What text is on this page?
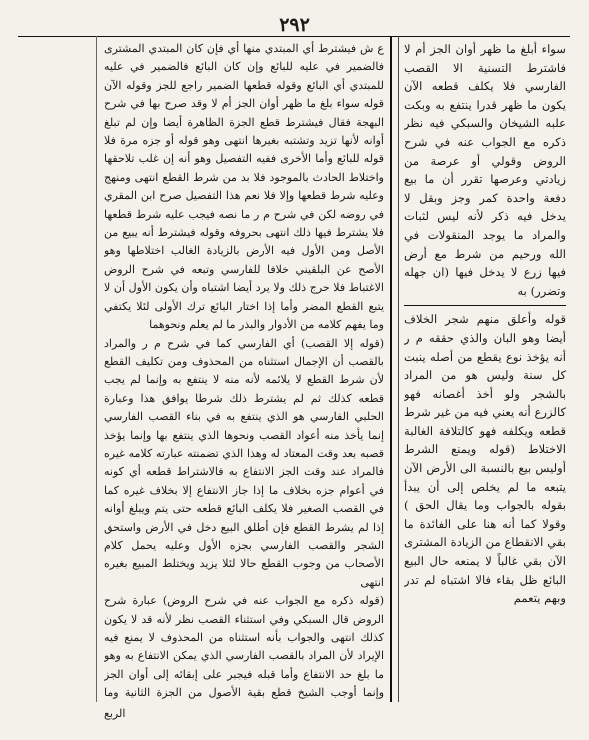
٢٩٢

سواء أبلغ ما ظهر أوان الجز أم لا فاشترط التسنية الا القصب الفارسي فلا يكلف قطعه الآن يكون ما ظهر قدرا ينتفع به وبكت علبه الشيخان والسبكي فيه نظر ذكره مع الجواب عنه في شرح الروض وقولي أو عرصة من زيادتي وعرصها تقرر أن ما بيع دفعة واحدة كمر وجز وبقل لا يدخل فيه ذكر لأنه ليس لثبات والمراد ما يوجد المنقولات في الله ورحيم من شرط مع أرض فيها زرع لا يدخل فيها (ان جهله وتضرر) به

قوله وأعلق منهم شجر الخلاف أيضا وهو البان والذي حققه م ر أنه يؤخذ نوع يقطع من أصله ينبت كل سنة وليس هو من المراد بالشجر ولو أخذ أغصانه فهو كالزرع أنه يعني فيه من غير شرط قطعه ويكلفه فهو كالتلافة الغالبة الاختلاط (قوله ويمنع الشرط أوليس بيع بالنسبة الى الأرض الآن يتبعه ما لم يخلص إلى أن يبدأ بقوله بالجواب وما يقال الحق ) وقولا كما أنه هنا على الفائدة ما بقي الانقطاع من الزيادة المشترى الآن بقي غالباً لا يمنعه حال البيع البائع ظل بقاء فالا اشتباه لم تدر وبهم يتعمم

ع ش فيشترط أي المبتدي منها أي فإن كان المبتدي المشترى فالضمير في عليه للبائع وإن كان البائع فالضمير في عليه للمبتدي أي البائع وقوله قطعها الضمير راجع للجز وقوله الآن قوله سواء بلغ ما ظهر أوان الجز أم لا وقد صرح بها في شرح البهجة فقال فيشترط قطع الجزة الظاهرة أيضا وإن لم تبلغ أوانه لأنها تزيد وتشتبه بغيرها انتهى وهو قوله أو جزه مرة فلا قوله للبائع وأما الأخرى ففيه التفصيل وهو أنه إن غلب تلاحقها واختلاط الحادث بالموجود فلا بد من شرط القطع انتهى ومنهج وعليه شرط قطعها وإلا فلا نعم هذا التفصيل صرح ابن المقري في روضه لكن في شرح م ر ما نصه فيجب عليه شرط قطعها فلا يشترط فيها ذلك انتهى بحروفه وقوله فيشترط أنه يبيع من الأصل ومن الأول فيه الأرض بالزيادة الغالب اختلاطها وهو الأصح عن البلقيني خلافا للفارسي وتبعه في شرح الروض الاغتباط فلا حرج ذلك ولا يرد أيضا اشتباه وأن يكون الأول أن لا يتبع القطع المضر وأما إذا اختار البائع ترك الأولى لئلا يكتفي وما يفهم كلامه من الأدوار والبذر ما لم يعلم ونحوهما

(قوله إلا القصب) أي الفارسي كما في شرح م ر والمراد بالقصب أن الإجمال استثناه من المحذوف ومن تكليف القطع لأن شرط القطع لا يلائمه لأنه منه لا ينتفع به وإنما لم يجب قطعه كذلك ثم لم يشترط ذلك شرطا يوافق هذا وعبارة الحلبي الفارسي هو الذي ينتفع به في بناء القصب الفارسي إنما يأخذ منه أعواد القصب ونحوها الذي ينتفع بها وإنما يؤخذ قصبه بعد وقت المعتاد له وهذا الذي تضمنته عبارته كلامه غيره فالمراد عند وقت الجز الانتفاع به فالاشتراط قطعه أي كونه في أعوام جزه بخلاف ما إذا جاز الانتفاع إلا بخلاف غيره كما في القصب الصغير فلا يكلف البائع قطعه حتى يتم ويبلغ أوانه إذا لم يشرط القطع فإن أطلق البيع دخل في الأرض واستحق الشجر والقصب الفارسي بجزه الأول وعليه يحمل كلام الأصحاب من وجوب القطع حالا لئلا يزيد ويختلط المبيع بغيره انتهى

(قوله ذكره مع الجواب عنه في شرح الروض) عبارة شرح الروض قال السبكي وفي استثناء القصب نظر لأنه قد لا يكون كذلك انتهى والجواب بأنه استثناه من المحذوف لا يمنع فيه الإيراد لأن المراد بالقصب الفارسي الذي يمكن الانتفاع به وهو ما بلغ حد الانتفاع وأما قبله فيجبر على إبقائه إلى أوان الجز وإنما أوجب الشيخ قطع بقية الأصول من الجزة الثانية وما

الربع
